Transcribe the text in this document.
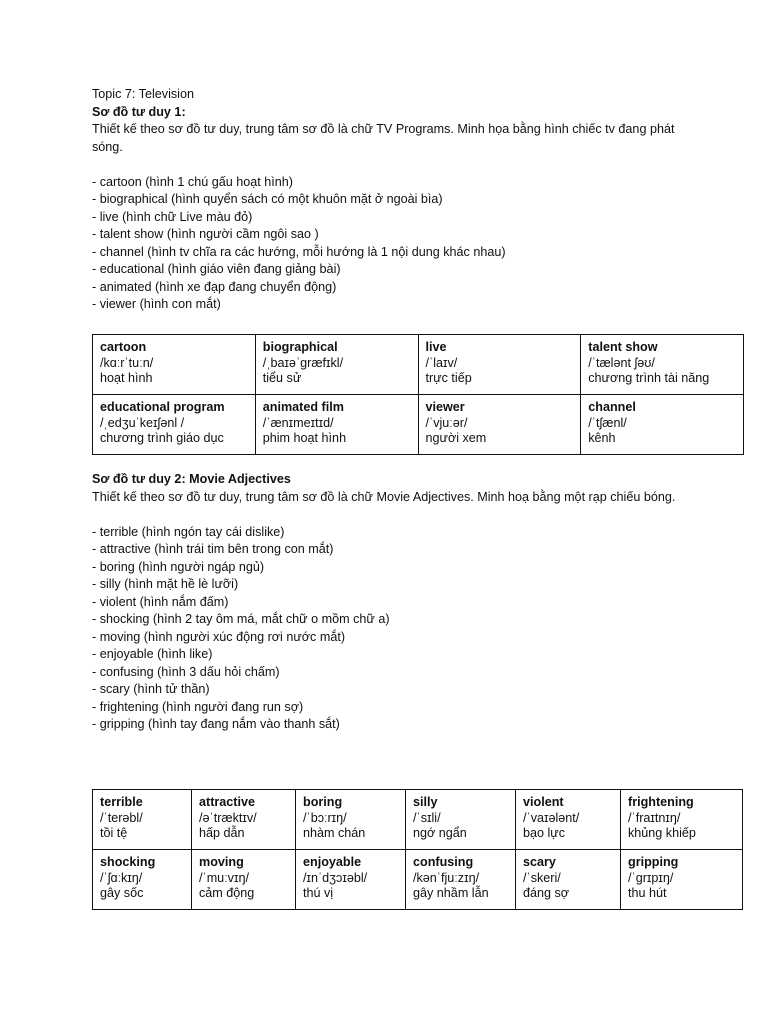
Topic 7: Television
Sơ đồ tư duy 1:
Thiết kế theo sơ đồ tư duy, trung tâm sơ đồ là chữ TV Programs. Minh họa bằng hình chiếc tv đang phát sóng.
- cartoon (hình 1 chú gấu hoạt hình)
- biographical (hình quyển sách có một khuôn mặt ở ngoài bìa)
- live (hình chữ Live màu đỏ)
- talent show (hình người cầm ngôi sao )
- channel (hình tv chĩa ra các hướng, mỗi hướng là 1 nội dung khác nhau)
- educational (hình giáo viên đang giảng bài)
- animated (hình xe đạp đang chuyển động)
- viewer (hình con mắt)
cartoon
/kɑːrˈtuːn/
hoạt hình	biographical
/ˌbaɪəˈɡræfɪkl/
tiểu sử	live
/ˈlaɪv/
trực tiếp	talent show
/ˈtælənt ʃəʊ/
chương trình tài năng

educational program
/ˌedʒuˈkeɪʃənl /
chương trình giáo dục	animated film
/ˈænɪmeɪtɪd/
phim hoạt hình	viewer
/ˈvjuːər/
người xem	channel
/ˈtʃænl/
kênh
Sơ đồ tư duy 2: Movie Adjectives
Thiết kế theo sơ đồ tư duy, trung tâm sơ đồ là chữ Movie Adjectives. Minh hoạ bằng một rạp chiếu bóng.
- terrible (hình ngón tay cái dislike)
- attractive (hình trái tim bên trong con mắt)
- boring (hình người ngáp ngủ)
- silly (hình mặt hề lè lưỡi)
- violent (hình nắm đấm)
- shocking (hình 2 tay ôm má, mắt chữ o mồm chữ a)
- moving (hình người xúc động rơi nước mắt)
- enjoyable (hình like)
- confusing (hình 3 dấu hỏi chấm)
- scary (hình tử thần)
- frightening (hình người đang run sợ)
- gripping (hình tay đang nắm vào thanh sắt)
terrible
/ˈterəbl/
tồi tệ	attractive
/əˈtræktɪv/
hấp dẫn	boring
/ˈbɔːrɪŋ/
nhàm chán	silly
/ˈsɪli/
ngớ ngẩn	violent
/ˈvaɪələnt/
bạo lực	frightening
/ˈfraɪtnɪŋ/
khủng khiếp

shocking
/ˈʃɑːkɪŋ/
gây sốc	moving
/ˈmuːvɪŋ/
cảm động	enjoyable
/ɪnˈdʒɔɪəbl/
thú vị	confusing
/kənˈfjuːzɪŋ/
gây nhầm lẫn	scary
/ˈskeri/
đáng sợ	gripping
/ˈɡrɪpɪŋ/
thu hút
